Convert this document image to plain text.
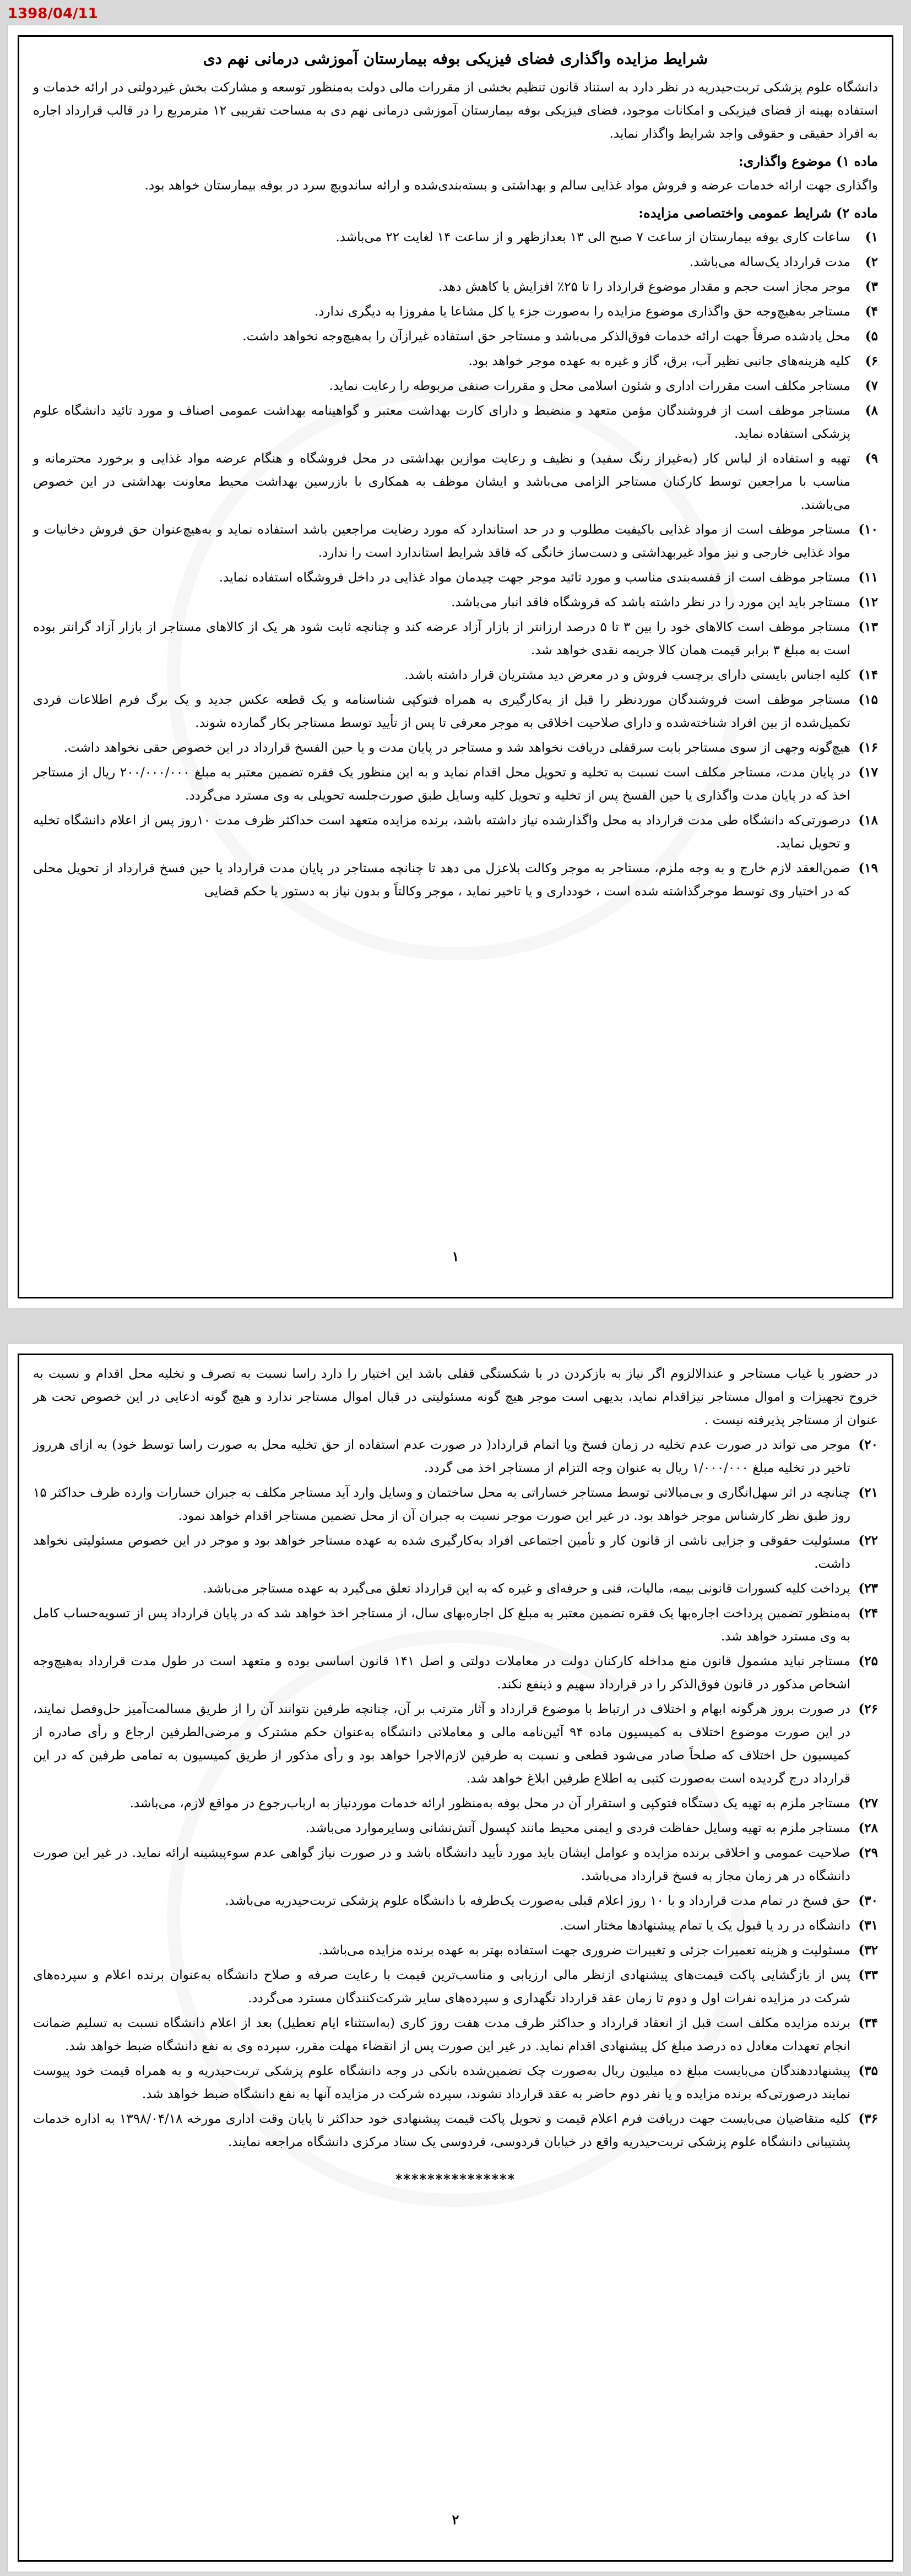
1398/04/11
شرایط مزایده واگذاری فضای فیزیکی بوفه بیمارستان آموزشی درمانی نهم دی

دانشگاه علوم پزشکی تربت‌حیدریه در نظر دارد به استناد قانون تنظیم بخشی از مقررات مالی دولت به‌منظور توسعه و مشارکت بخش غیردولتی در ارائه خدمات و استفاده بهینه از فضای فیزیکی و امکانات موجود، فضای فیزیکی بوفه بیمارستان آموزشی درمانی نهم دی به مساحت تقریبی ۱۲ مترمربع را در قالب قرارداد اجاره به افراد حقیقی و حقوقی واجد شرایط واگذار نماید.

ماده ۱) موضوع واگذاری:

واگذاری جهت ارائه خدمات عرضه و فروش مواد غذایی سالم و بهداشتی و بسته‌بندی‌شده و ارائه ساندویچ سرد در بوفه بیمارستان خواهد بود.

ماده ۲) شرایط عمومی واختصاصی مزایده:
۱)
ساعات کاری بوفه بیمارستان از ساعت ۷ صبح الی ۱۳ بعدازظهر و از ساعت ۱۴ لغایت ۲۲ می‌باشد.
۲)
مدت قرارداد یک‌ساله می‌باشد.
۳)
موجر مجاز است حجم و مقدار موضوع قرارداد را تا ۲۵٪ افزایش یا کاهش دهد.
۴)
مستاجر به‌هیچ‌وجه حق واگذاری موضوع مزایده را به‌صورت جزء یا کل مشاعا یا مفروزا به دیگری ندارد.
۵)
محل یادشده صرفاً جهت ارائه خدمات فوق‌الذکر می‌باشد و مستاجر حق استفاده غیرازآن را به‌هیچ‌وجه نخواهد داشت.
۶)
کلیه هزینه‌های جانبی نظیر آب، برق، گاز و غیره به عهده موجر خواهد بود.
۷)
مستاجر مکلف است مقررات اداری و شئون اسلامی محل و مقررات صنفی مربوطه را رعایت نماید.
۸)
مستاجر موظف است از فروشندگان مؤمن متعهد و منضبط و دارای کارت بهداشت معتبر و گواهینامه بهداشت عمومی اصناف و مورد تائید دانشگاه علوم پزشکی استفاده نماید.
۹)
تهیه و استفاده از لباس کار (به‌غیراز رنگ سفید) و نظیف و رعایت موازین بهداشتی در محل فروشگاه و هنگام عرضه مواد غذایی و برخورد محترمانه و مناسب با مراجعین توسط کارکنان مستاجر الزامی می‌باشد و ایشان موظف به همکاری با بازرسین بهداشت محیط معاونت بهداشتی در این خصوص می‌باشند.
۱۰)
مستاجر موظف است از مواد غذایی باکیفیت مطلوب و در حد استاندارد که مورد رضایت مراجعین باشد استفاده نماید و به‌هیچ‌عنوان حق فروش دخانیات و مواد غذایی خارجی و نیز مواد غیربهداشتی و دست‌ساز خانگی که فاقد شرایط استاندارد است را ندارد.
۱۱)
مستاجر موظف است از قفسه‌بندی مناسب و مورد تائید موجر جهت چیدمان مواد غذایی در داخل فروشگاه استفاده نماید.
۱۲)
مستاجر باید این مورد را در نظر داشته باشد که فروشگاه فاقد انبار می‌باشد.
۱۳)
مستاجر موظف است کالاهای خود را بین ۳ تا ۵ درصد ارزانتر از بازار آزاد عرضه کند و چنانچه ثابت شود هر یک از کالاهای مستاجر از بازار آزاد گرانتر بوده است به مبلغ ۳ برابر قیمت همان کالا جریمه نقدی خواهد شد.
۱۴)
کلیه اجناس بایستی دارای برچسب فروش و در معرض دید مشتریان قرار داشته باشد.
۱۵)
مستاجر موظف است فروشندگان موردنظر را قبل از به‌کارگیری به همراه فتوکپی شناسنامه و یک قطعه عکس جدید و یک برگ فرم اطلاعات فردی تکمیل‌شده از بین افراد شناخته‌شده و دارای صلاحیت اخلاقی به موجر معرفی تا پس از تأیید توسط مستاجر بکار گمارده شوند.
۱۶)
هیچ‌گونه وجهی از سوی مستاجر بابت سرقفلی دریافت نخواهد شد و مستاجر در پایان مدت و یا حین الفسخ قرارداد در این خصوص حقی نخواهد داشت.
۱۷)
در پایان مدت، مستاجر مکلف است نسبت به تخلیه و تحویل محل اقدام نماید و به این منظور یک فقره تضمین معتبر به مبلغ ۲۰۰/۰۰۰/۰۰۰ ریال از مستاجر اخذ که در پایان مدت واگذاری یا حین الفسخ پس از تخلیه و تحویل کلیه وسایل طبق صورت‌جلسه تحویلی به وی مسترد می‌گردد.
۱۸)
درصورتی‌که دانشگاه طی مدت قرارداد به محل واگذارشده نیاز داشته باشد، برنده مزایده متعهد است حداکثر ظرف مدت ۱۰روز پس از اعلام دانشگاه تخلیه و تحویل نماید.
۱۹)
ضمن‌العقد لازم خارج و به وجه ملزم، مستاجر به موجر وکالت بلاعزل می دهد تا چنانچه مستاجر در پایان مدت قرارداد یا حین فسخ قرارداد از تحویل محلی که در اختیار وی توسط موجرگذاشته شده است ، خودداری و یا تاخیر نماید ، موجر وکالتاً و بدون نیاز به دستور یا حکم قضایی
۱

در حضور یا غیاب مستاجر و عندالالزوم اگر نیاز به بازکردن در با شکستگی قفلی باشد این اختیار را دارد راسا نسبت به تصرف و تخلیه محل اقدام و نسبت به خروج تجهیزات و اموال مستاجر نیزاقدام نماید، بدیهی است موجر هیچ گونه مسئولیتی در قبال اموال مستاجر ندارد و هیچ گونه ادعایی در این خصوص تحت هر عنوان از مستاجر پذیرفته نیست .

۲۰)
موجر می تواند در صورت عدم تخلیه در زمان فسخ ویا اتمام قرارداد( در صورت عدم استفاده از حق تخلیه محل به صورت راسا توسط خود) به ازای هرروز تاخیر در تخلیه مبلغ ۱/۰۰۰/۰۰۰ ریال به عنوان وجه التزام از مستاجر اخذ می گردد.
۲۱)
چنانچه در اثر سهل‌انگاری و بی‌مبالاتی توسط مستاجر خساراتی به محل ساختمان و وسایل وارد آید مستاجر مکلف به جبران خسارات وارده ظرف حداکثر ۱۵ روز طبق نظر کارشناس موجر خواهد بود. در غیر این صورت موجر نسبت به جبران آن از محل تضمین مستاجر اقدام خواهد نمود.
۲۲)
مسئولیت حقوقی و جزایی ناشی از قانون کار و تأمین اجتماعی افراد به‌کارگیری شده به عهده مستاجر خواهد بود و موجر در این خصوص مسئولیتی نخواهد داشت.
۲۳)
پرداخت کلیه کسورات قانونی بیمه، مالیات، فنی و حرفه‌ای و غیره که به این قرارداد تعلق می‌گیرد به عهده مستاجر می‌باشد.
۲۴)
به‌منظور تضمین پرداخت اجاره‌بها یک فقره تضمین معتبر به مبلغ کل اجاره‌بهای سال، از مستاجر اخذ خواهد شد که در پایان قرارداد پس از تسویه‌حساب کامل به وی مسترد خواهد شد.
۲۵)
مستاجر نباید مشمول قانون منع مداخله کارکنان دولت در معاملات دولتی و اصل ۱۴۱ قانون اساسی بوده و متعهد است در طول مدت قرارداد به‌هیچ‌وجه اشخاص مذکور در قانون فوق‌الذکر را در قرارداد سهیم و ذینفع نکند.
۲۶)
در صورت بروز هرگونه ابهام و اختلاف در ارتباط با موضوع قرارداد و آثار مترتب بر آن، چنانچه طرفین نتوانند آن را از طریق مسالمت‌آمیز حل‌وفصل نمایند، در این صورت موضوع اختلاف به کمیسیون ماده ۹۴ آئین‌نامه مالی و معاملاتی دانشگاه به‌عنوان حکم مشترک و مرضی‌الطرفین ارجاع و رأی صادره از کمیسیون حل اختلاف که صلحاً صادر می‌شود قطعی و نسبت به طرفین لازم‌الاجرا خواهد بود و رأی مذکور از طریق کمیسیون به تمامی طرفین که در این قرارداد درج گردیده است به‌صورت کتبی به اطلاع طرفین ابلاغ خواهد شد.
۲۷)
مستاجر ملزم به تهیه یک دستگاه فتوکپی و استقرار آن در محل بوفه به‌منظور ارائه خدمات موردنیاز به ارباب‌رجوع در مواقع لازم، می‌باشد.
۲۸)
مستاجر ملزم به تهیه وسایل حفاظت فردی و ایمنی محیط مانند کپسول آتش‌نشانی وسایرموارد می‌باشد.
۲۹)
صلاحیت عمومی و اخلاقی برنده مزایده و عوامل ایشان باید مورد تأیید دانشگاه باشد و در صورت نیاز گواهی عدم سوءپیشینه ارائه نماید. در غیر این صورت دانشگاه در هر زمان مجاز به فسخ قرارداد می‌باشد.
۳۰)
حق فسخ در تمام مدت قرارداد و با ۱۰ روز اعلام قبلی به‌صورت یک‌طرفه با دانشگاه علوم پزشکی تربت‌حیدریه می‌باشد.
۳۱)
دانشگاه در رد یا قبول یک یا تمام پیشنهادها مختار است.
۳۲)
مسئولیت و هزینه تعمیرات جزئی و تغییرات ضروری جهت استفاده بهتر به عهده برنده مزایده می‌باشد.
۳۳)
پس از بازگشایی پاکت قیمت‌های پیشنهادی ازنظر مالی ارزیابی و مناسب‌ترین قیمت با رعایت صرفه و صلاح دانشگاه به‌عنوان برنده اعلام و سپرده‌های شرکت در مزایده نفرات اول و دوم تا زمان عقد قرارداد نگهداری و سپرده‌های سایر شرکت‌کنندگان مسترد می‌گردد.
۳۴)
برنده مزایده مکلف است قبل از انعقاد قرارداد و حداکثر ظرف مدت هفت روز کاری (به‌استثناء ایام تعطیل) بعد از اعلام دانشگاه نسبت به تسلیم ضمانت انجام تعهدات معادل ده درصد مبلغ کل پیشنهادی اقدام نماید. در غیر این صورت پس از انقضاء مهلت مقرر، سپرده وی به نفع دانشگاه ضبط خواهد شد.
۳۵)
پیشنهاددهندگان می‌بایست مبلغ ده میلیون ریال به‌صورت چک تضمین‌شده بانکی در وجه دانشگاه علوم پزشکی تربت‌حیدریه و به همراه قیمت خود پیوست نمایند درصورتی‌که برنده مزایده و یا نفر دوم حاضر به عقد قرارداد نشوند، سپرده شرکت در مزایده آنها به نفع دانشگاه ضبط خواهد شد.
۳۶)
کلیه متقاضیان می‌بایست جهت دریافت فرم اعلام قیمت و تحویل پاکت قیمت پیشنهادی خود حداکثر تا پایان وقت اداری مورخه ۱۳۹۸/۰۴/۱۸ به اداره خدمات پشتیبانی دانشگاه علوم پزشکی تربت‌حیدریه واقع در خیابان فردوسی، فردوسی یک ستاد مرکزی دانشگاه مراجعه نمایند.
***************
۲
